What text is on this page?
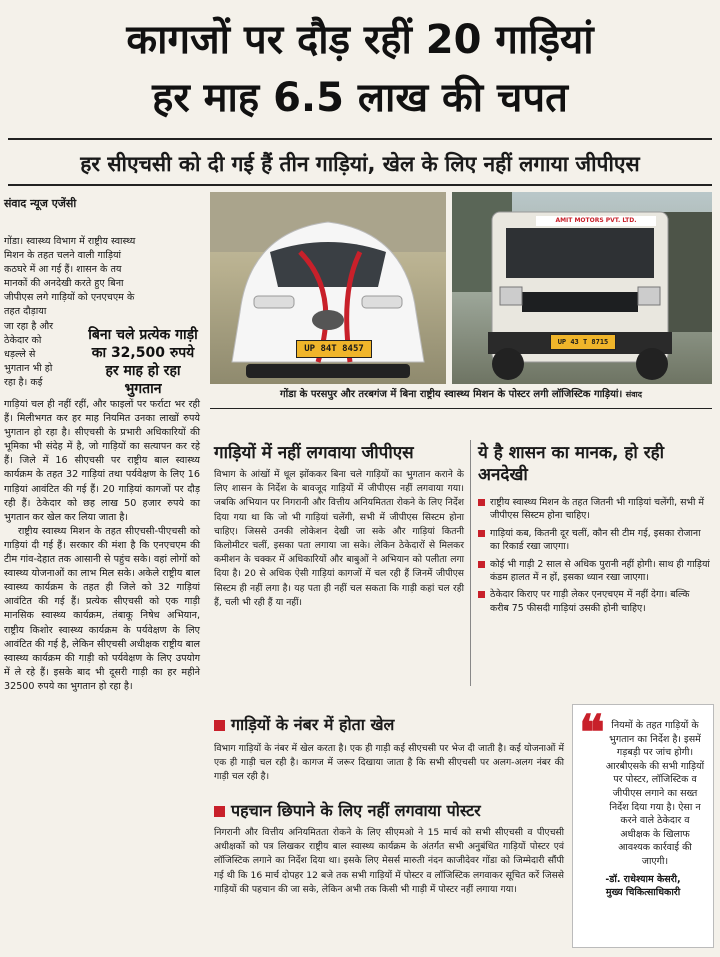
कागजों पर दौड़ रहीं 20 गाड़ियां
हर माह 6.5 लाख की चपत
हर सीएचसी को दी गई हैं तीन गाड़ियां, खेल के लिए नहीं लगाया जीपीएस
संवाद न्यूज एजेंसी

गोंडा। स्वास्थ्य विभाग में राष्ट्रीय स्वास्थ्य

मिशन के तहत चलने वाली गाड़ियां

कठघरे में आ गई हैं। शासन के तय

मानकों की अनदेखी करते हुए बिना

जीपीएस लगे गाड़ियों को एनएचएम के

तहत दौड़ाया

जा रहा है और

ठेकेदार को

धड़ल्ले से

भुगतान भी हो

रहा है। कई

बिना चले प्रत्येक गाड़ी का 32,500 रुपये हर माह हो रहा भुगतान

गाड़ियां चल ही नहीं रहीं, और फाइलों पर फर्राटा भर रही हैं। मिलीभगत कर हर माह नियमित उनका लाखों रुपये भुगतान हो रहा है। सीएचसी के प्रभारी अधिकारियों की भूमिका भी संदेह में है, जो गाड़ियों का सत्यापन कर रहे हैं। जिले में 16 सीएचसी पर राष्ट्रीय बाल स्वास्थ्य कार्यक्रम के तहत 32 गाड़ियां तथा पर्यवेक्षण के लिए 16 गाड़ियां आवंटित की गई हैं। 20 गाड़ियां कागजों पर दौड़ रही हैं। ठेकेदार को छह लाख 50 हजार रुपये का भुगतान कर खेल कर लिया जाता है।

राष्ट्रीय स्वास्थ्य मिशन के तहत सीएचसी-पीएचसी को गाड़ियां दी गई हैं। सरकार की मंशा है कि एनएचएम की टीम गांव-देहात तक आसानी से पहुंच सके। वहां लोगों को स्वास्थ्य योजनाओं का लाभ मिल सके। अकेले राष्ट्रीय बाल स्वास्थ्य कार्यक्रम के तहत ही जिले को 32 गाड़ियां आवंटित की गई हैं। प्रत्येक सीएचसी को एक गाड़ी मानसिक स्वास्थ्य कार्यक्रम, तंबाकू निषेध अभियान, राष्ट्रीय किशोर स्वास्थ्य कार्यक्रम के पर्यवेक्षण के लिए आवंटित की गई है, लेकिन सीएचसी अधीक्षक राष्ट्रीय बाल स्वास्थ्य कार्यक्रम की गाड़ी को पर्यवेक्षण के लिए उपयोग में ले रहे हैं। इसके बाद भी दूसरी गाड़ी का हर महीने 32500 रुपये का भुगतान हो रहा है।

UP 84T 8457
AMIT MOTORS PVT. LTD.
UP 43 T 8715
गोंडा के परसपुर और तरबगंज में बिना राष्ट्रीय स्वास्थ्य मिशन के पोस्टर लगी लॉजिस्टिक गाड़ियां। संवाद
गाड़ियों में नहीं लगवाया जीपीएस
विभाग के आंखों में धूल झोंककर बिना चले गाड़ियों का भुगतान कराने के लिए शासन के निर्देश के बावजूद गाड़ियों में जीपीएस नहीं लगवाया गया। जबकि अभियान पर निगरानी और वित्तीय अनियमितता रोकने के लिए निर्देश दिया गया था कि जो भी गाड़ियां चलेंगी, सभी में जीपीएस सिस्टम होना चाहिए। जिससे उनकी लोकेशन देखी जा सके और गाड़ियां कितनी किलोमीटर चलीं, इसका पता लगाया जा सके। लेकिन ठेकेदारों से मिलकर कमीशन के चक्कर में अधिकारियों और बाबुओं ने अभियान को पलीता लगा दिया है। 20 से अधिक ऐसी गाड़ियां कागजों में चल रही हैं जिनमें जीपीएस सिस्टम ही नहीं लगा है। यह पता ही नहीं चल सकता कि गाड़ी कहां चल रही हैं, चली भी रही हैं या नहीं।
ये है शासन का मानक, हो रही अनदेखी
राष्ट्रीय स्वास्थ्य मिशन के तहत जितनी भी गाड़ियां चलेंगी, सभी में जीपीएस सिस्टम होना चाहिए।
गाड़ियां कब, कितनी दूर चलीं, कौन सी टीम गई, इसका रोजाना का रिकार्ड रखा जाएगा।
कोई भी गाड़ी 2 साल से अधिक पुरानी नहीं होगी। साथ ही गाड़ियां कंडम हालत में न हों, इसका ध्यान रखा जाएगा।
ठेकेदार किराए पर गाड़ी लेकर एनएचएम में नहीं देगा। बल्कि करीब 75 फीसदी गाड़ियां उसकी होनी चाहिए।
गाड़ियों के नंबर में होता खेल
विभाग गाड़ियों के नंबर में खेल करता है। एक ही गाड़ी कई सीएचसी पर भेज दी जाती है। कई योजनाओं में एक ही गाड़ी चल रही है। कागज में जरूर दिखाया जाता है कि सभी सीएचसी पर अलग-अलग नंबर की गाड़ी चल रही है।
पहचान छिपाने के लिए नहीं लगवाया पोस्टर
निगरानी और वित्तीय अनियमितता रोकने के लिए सीएमओ ने 15 मार्च को सभी सीएचसी व पीएचसी अधीक्षकों को पत्र लिखकर राष्ट्रीय बाल स्वास्थ्य कार्यक्रम के अंतर्गत सभी अनुबंधित गाड़ियों पोस्टर एवं लॉजिस्टिक लगाने का निर्देश दिया था। इसके लिए मेसर्स मारुती नंदन काजीदेवर गोंडा को जिम्मेदारी सौंपी गई थी कि 16 मार्च दोपहर 12 बजे तक सभी गाड़ियों में पोस्टर व लॉजिस्टिक लगवाकर सूचित करें जिससे गाड़ियों की पहचान की जा सके, लेकिन अभी तक किसी भी गाड़ी में पोस्टर नहीं लगाया गया।
❝ नियमों के तहत गाड़ियों के भुगतान का निर्देश है। इसमें गड़बड़ी पर जांच होगी। आरबीएसके की सभी गाड़ियों पर पोस्टर, लॉजिस्टिक व जीपीएस लगाने का सख्त निर्देश दिया गया है। ऐसा न करने वाले ठेकेदार व अधीक्षक के खिलाफ आवश्यक कार्रवाई की जाएगी।
-डॉ. राधेश्याम केसरी,
मुख्य चिकित्साधिकारी
